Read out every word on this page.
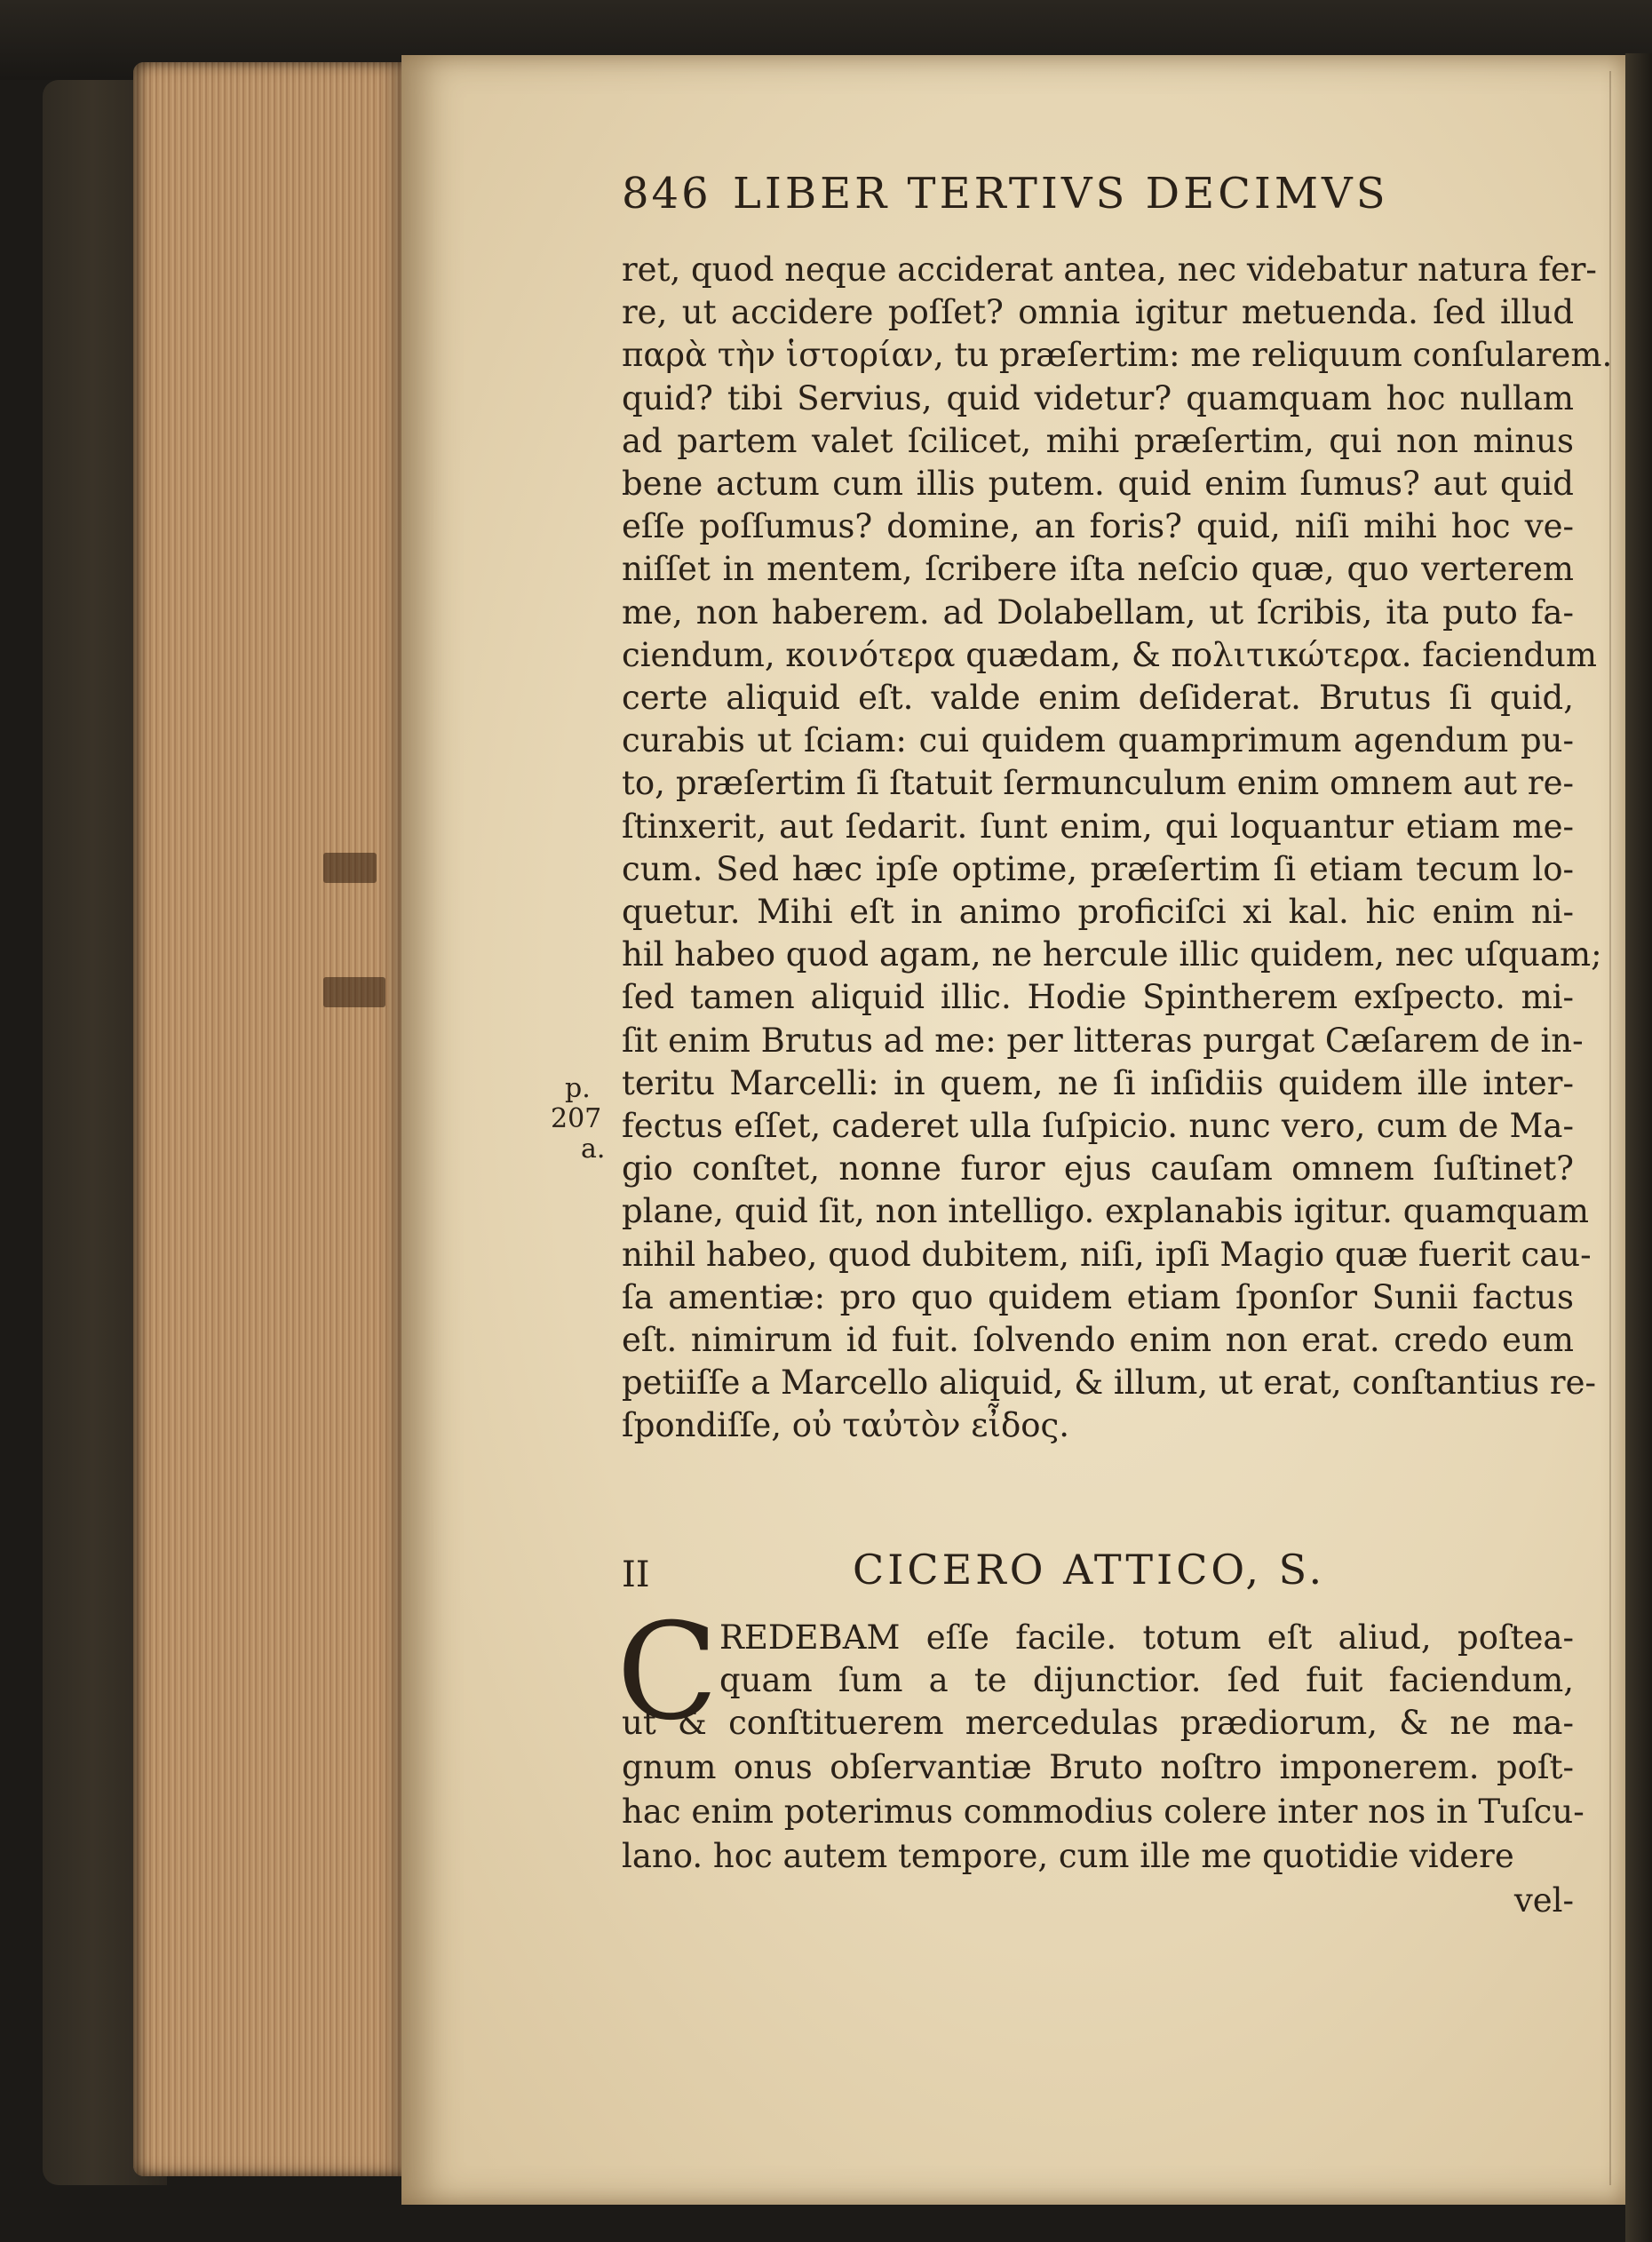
846 LIBER TERTIVS DECIMVS
ret, quod neque acciderat antea, nec videbatur natura fer-
re, ut accidere poſſet? omnia igitur metuenda. ſed illud
παρὰ τὴν ἱστορίαν, tu præſertim: me reliquum conſularem.
quid? tibi Servius, quid videtur? quamquam hoc nullam
ad partem valet ſcilicet, mihi præſertim, qui non minus
bene actum cum illis putem. quid enim ſumus? aut quid
eſſe poſſumus? domine, an foris? quid, niſi mihi hoc ve-
niſſet in mentem, ſcribere iſta neſcio quæ, quo verterem
me, non haberem. ad Dolabellam, ut ſcribis, ita puto fa-
ciendum, κοινότερα quædam, & πολιτικώτερα. faciendum
certe aliquid eſt. valde enim deſiderat. Brutus ſi quid,
curabis ut ſciam: cui quidem quamprimum agendum pu-
to, præſertim ſi ſtatuit ſermunculum enim omnem aut re-
ſtinxerit, aut ſedarit. ſunt enim, qui loquantur etiam me-
cum. Sed hæc ipſe optime, præſertim ſi etiam tecum lo-
quetur. Mihi eſt in animo proficiſci xi kal. hic enim ni-
hil habeo quod agam, ne hercule illic quidem, nec uſquam;
ſed tamen aliquid illic. Hodie Spintherem exſpecto. mi-
ſit enim Brutus ad me: per litteras purgat Cæſarem de in-
teritu Marcelli: in quem, ne ſi inſidiis quidem ille inter-
fectus eſſet, caderet ulla ſuſpicio. nunc vero, cum de Ma-
gio conſtet, nonne furor ejus cauſam omnem ſuſtinet?
plane, quid ſit, non intelligo. explanabis igitur. quamquam
nihil habeo, quod dubitem, niſi, ipſi Magio quæ fuerit cau-
ſa amentiæ: pro quo quidem etiam ſponſor Sunii factus
eſt. nimirum id fuit. ſolvendo enim non erat. credo eum
petiiſſe a Marcello aliquid, & illum, ut erat, conſtantius re-
ſpondiſſe, οὐ ταὐτὸν εἶδος.
p.
207
a.
II	CICERO ATTICO, S.
C REDEBAM eſſe facile. totum eſt aliud, poſtea-
quam ſum a te dijunctior. ſed fuit faciendum,
ut & conſtituerem mercedulas prædiorum, & ne ma-
gnum onus obſervantiæ Bruto noſtro imponerem. poſt-
hac enim poterimus commodius colere inter nos in Tuſcu-
lano. hoc autem tempore, cum ille me quotidie videre
vel-
